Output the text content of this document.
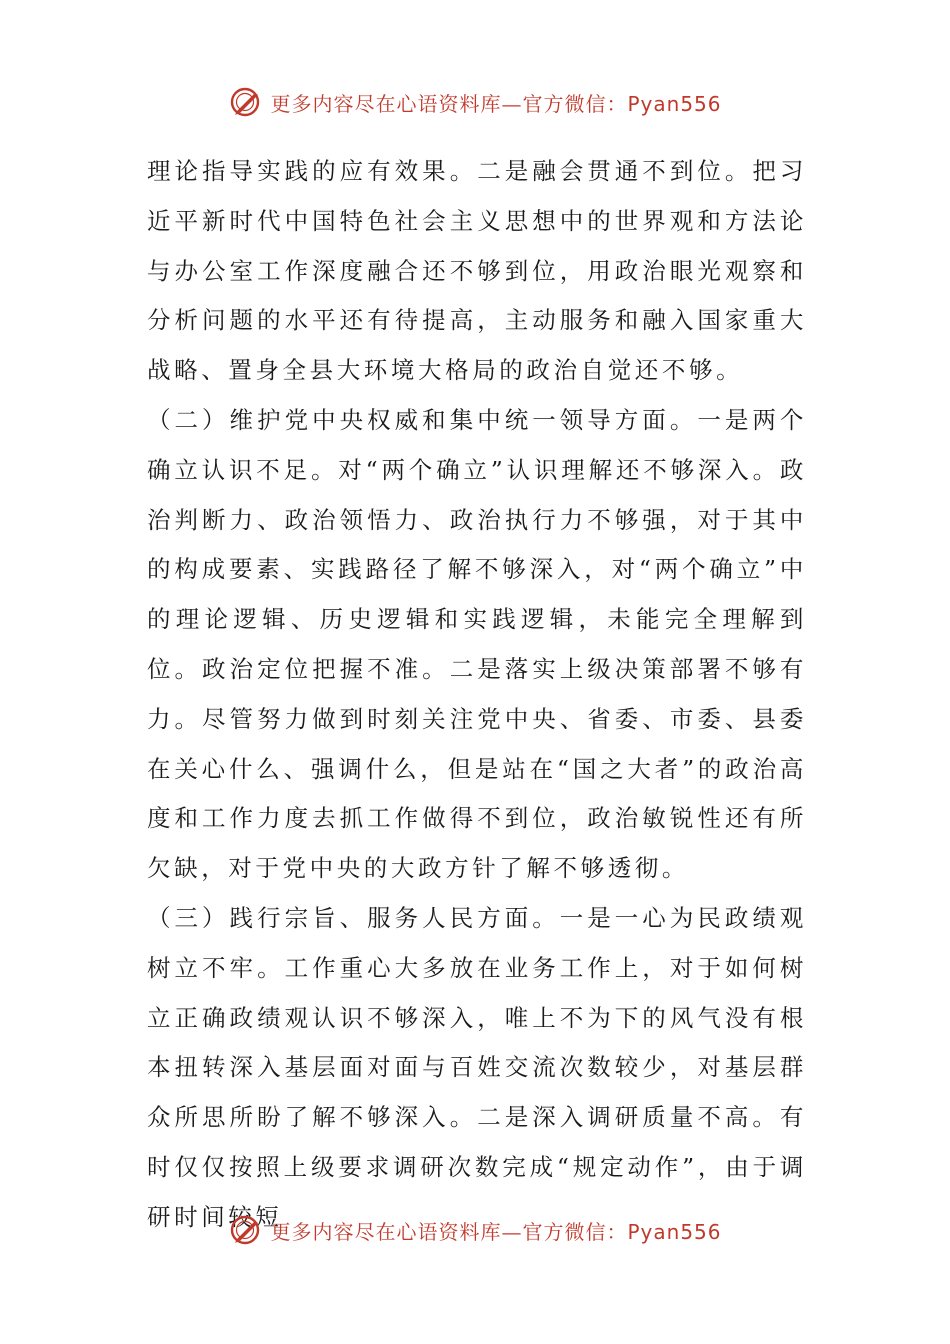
更多内容尽在心语资料库—官方微信：Pyan556

理论指导实践的应有效果。二是融会贯通不到位。把习近平新时代中国特色社会主义思想中的世界观和方法论与办公室工作深度融合还不够到位，用政治眼光观察和分析问题的水平还有待提高，主动服务和融入国家重大战略、置身全县大环境大格局的政治自觉还不够。

（二）维护党中央权威和集中统一领导方面。一是两个确立认识不足。对“两个确立”认识理解还不够深入。政治判断力、政治领悟力、政治执行力不够强，对于其中的构成要素、实践路径了解不够深入，对“两个确立”中的理论逻辑、历史逻辑和实践逻辑，未能完全理解到位。政治定位把握不准。二是落实上级决策部署不够有力。尽管努力做到时刻关注党中央、省委、市委、县委在关心什么、强调什么，但是站在“国之大者”的政治高度和工作力度去抓工作做得不到位，政治敏锐性还有所欠缺，对于党中央的大政方针了解不够透彻。

（三）践行宗旨、服务人民方面。一是一心为民政绩观树立不牢。工作重心大多放在业务工作上，对于如何树立正确政绩观认识不够深入，唯上不为下的风气没有根本扭转深入基层面对面与百姓交流次数较少，对基层群众所思所盼了解不够深入。二是深入调研质量不高。有时仅仅按照上级要求调研次数完成“规定动作”，由于调研时间较短

更多内容尽在心语资料库—官方微信：Pyan556
